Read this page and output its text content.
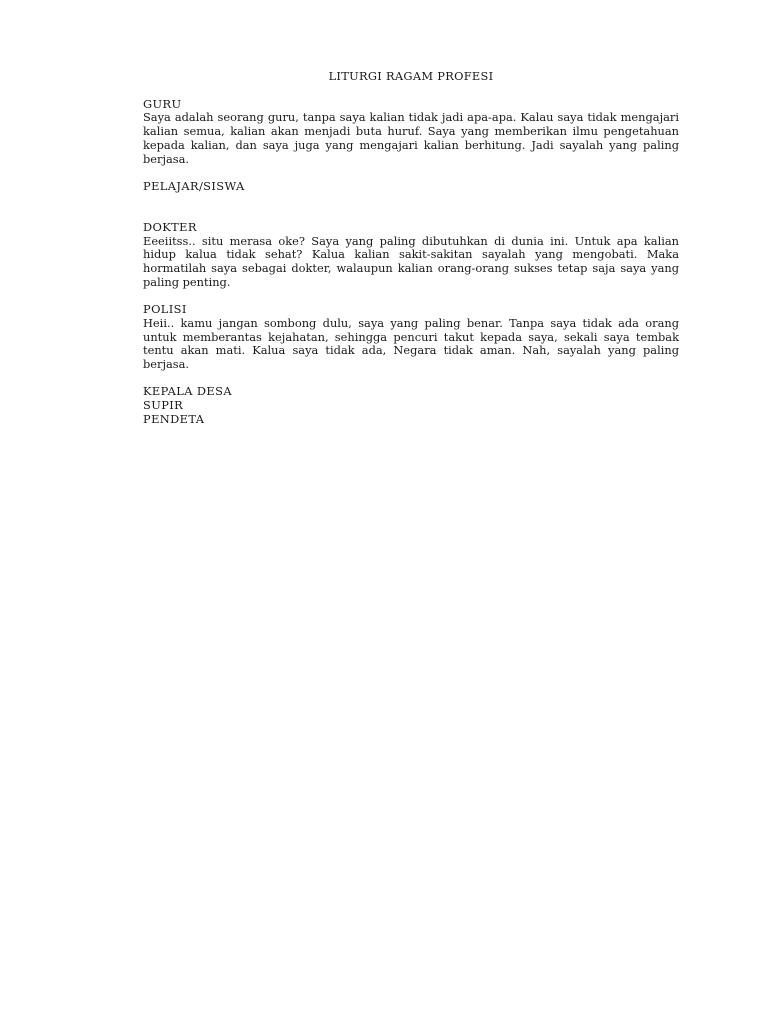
LITURGI RAGAM PROFESI
GURU
Saya adalah seorang guru, tanpa saya kalian tidak jadi apa-apa. Kalau saya tidak mengajari kalian semua, kalian akan menjadi buta huruf. Saya yang memberikan ilmu pengetahuan kepada kalian, dan saya juga yang mengajari kalian berhitung. Jadi sayalah yang paling berjasa.
PELAJAR/SISWA
DOKTER
Eeeiitss.. situ merasa oke? Saya yang paling dibutuhkan di dunia ini. Untuk apa kalian hidup kalua tidak sehat? Kalua kalian sakit-sakitan sayalah yang mengobati. Maka hormatilah saya sebagai dokter, walaupun kalian orang-orang sukses tetap saja saya yang paling penting.
POLISI
Heii.. kamu jangan sombong dulu, saya yang paling benar. Tanpa saya tidak ada orang untuk memberantas kejahatan, sehingga pencuri takut kepada saya, sekali saya tembak tentu akan mati. Kalua saya tidak ada, Negara tidak aman. Nah, sayalah yang paling berjasa.
KEPALA DESA
SUPIR
PENDETA
